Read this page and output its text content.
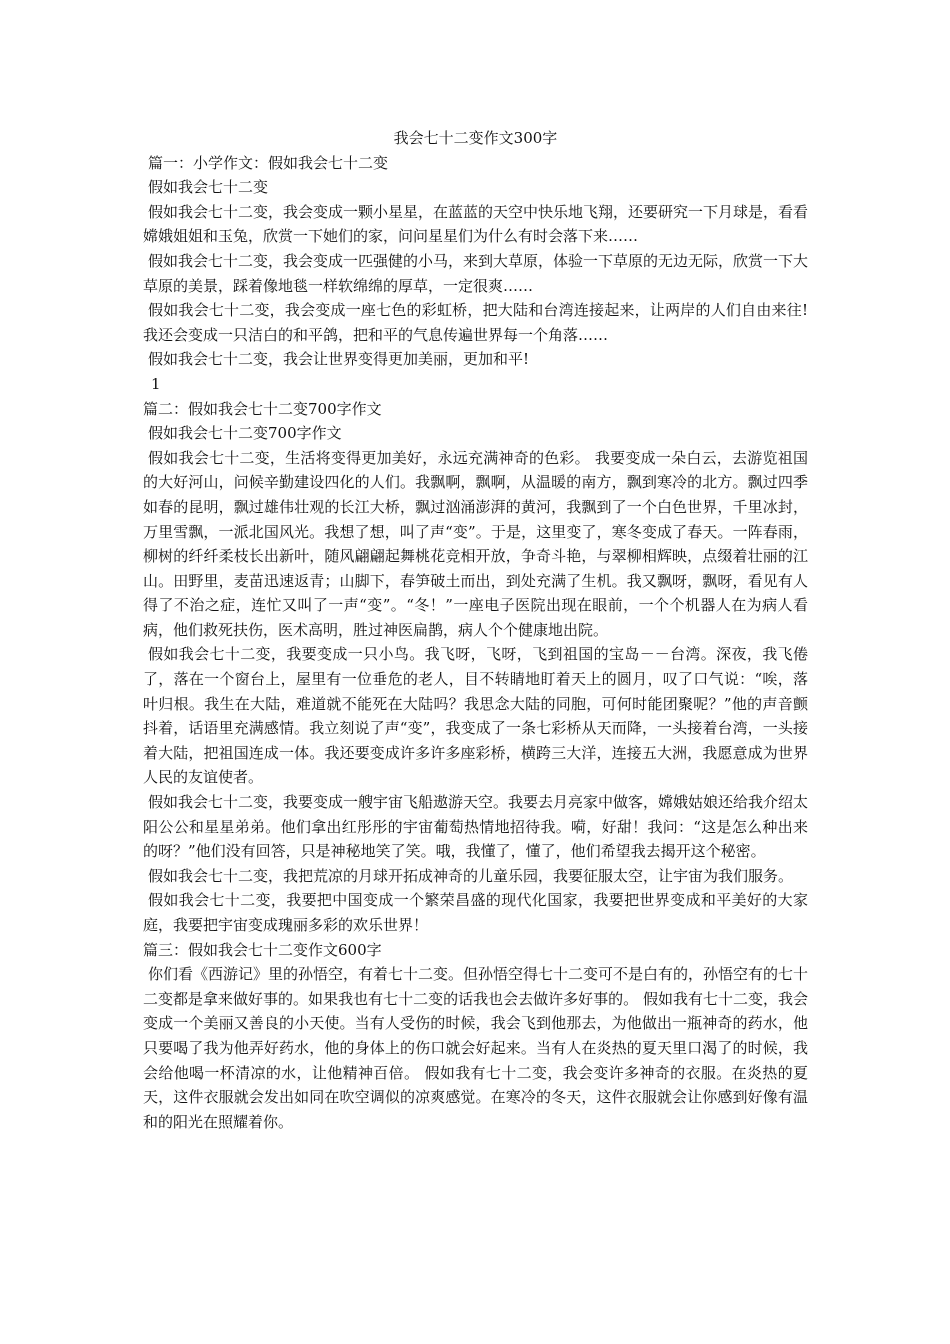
我会七十二变作文300字

篇一：小学作文：假如我会七十二变

假如我会七十二变

假如我会七十二变，我会变成一颗小星星，在蓝蓝的天空中快乐地飞翔，还要研究一下月球是，看看嫦娥姐姐和玉兔，欣赏一下她们的家，问问星星们为什么有时会落下来……

假如我会七十二变，我会变成一匹强健的小马，来到大草原，体验一下草原的无边无际，欣赏一下大草原的美景，踩着像地毯一样软绵绵的厚草，一定很爽……

假如我会七十二变，我会变成一座七色的彩虹桥，把大陆和台湾连接起来，让两岸的人们自由来往!我还会变成一只洁白的和平鸽，把和平的气息传遍世界每一个角落……

假如我会七十二变，我会让世界变得更加美丽，更加和平!

1

篇二：假如我会七十二变700字作文

假如我会七十二变700字作文

假如我会七十二变，生活将变得更加美好，永远充满神奇的色彩。 我要变成一朵白云，去游览祖国的大好河山，问候辛勤建设四化的人们。我飘啊，飘啊，从温暖的南方，飘到寒冷的北方。飘过四季如春的昆明，飘过雄伟壮观的长江大桥，飘过汹涌澎湃的黄河，我飘到了一个白色世界，千里冰封，万里雪飘，一派北国风光。我想了想，叫了声“变”。于是，这里变了，寒冬变成了春天。一阵春雨，柳树的纤纤柔枝长出新叶，随风翩翩起舞桃花竞相开放，争奇斗艳，与翠柳相辉映，点缀着壮丽的江山。田野里，麦苗迅速返青；山脚下，春笋破土而出，到处充满了生机。我又飘呀，飘呀，看见有人得了不治之症，连忙又叫了一声“变”。“冬！”一座电子医院出现在眼前，一个个机器人在为病人看病，他们救死扶伤，医术高明，胜过神医扁鹊，病人个个健康地出院。

假如我会七十二变，我要变成一只小鸟。我飞呀，飞呀，飞到祖国的宝岛－－台湾。深夜，我飞倦了，落在一个窗台上，屋里有一位垂危的老人，目不转睛地盯着天上的圆月，叹了口气说：“唉，落叶归根。我生在大陆，难道就不能死在大陆吗？我思念大陆的同胞，可何时能团聚呢？”他的声音颤抖着，话语里充满感情。我立刻说了声“变”，我变成了一条七彩桥从天而降，一头接着台湾，一头接着大陆，把祖国连成一体。我还要变成许多许多座彩桥，横跨三大洋，连接五大洲，我愿意成为世界人民的友谊使者。

假如我会七十二变，我要变成一艘宇宙飞船遨游天空。我要去月亮家中做客，嫦娥姑娘还给我介绍太阳公公和星星弟弟。他们拿出红彤彤的宇宙葡萄热情地招待我。嗬，好甜！我问：“这是怎么种出来的呀？”他们没有回答，只是神秘地笑了笑。哦，我懂了，懂了，他们希望我去揭开这个秘密。

假如我会七十二变，我把荒凉的月球开拓成神奇的儿童乐园，我要征服太空，让宇宙为我们服务。

假如我会七十二变，我要把中国变成一个繁荣昌盛的现代化国家，我要把世界变成和平美好的大家庭，我要把宇宙变成瑰丽多彩的欢乐世界！

篇三：假如我会七十二变作文600字

你们看《西游记》里的孙悟空，有着七十二变。但孙悟空得七十二变可不是白有的，孙悟空有的七十二变都是拿来做好事的。如果我也有七十二变的话我也会去做许多好事的。 假如我有七十二变，我会变成一个美丽又善良的小天使。当有人受伤的时候，我会飞到他那去，为他做出一瓶神奇的药水，他只要喝了我为他弄好药水，他的身体上的伤口就会好起来。当有人在炎热的夏天里口渴了的时候，我会给他喝一杯清凉的水，让他精神百倍。 假如我有七十二变，我会变许多神奇的衣服。在炎热的夏天，这件衣服就会发出如同在吹空调似的凉爽感觉。在寒冷的冬天，这件衣服就会让你感到好像有温和的阳光在照耀着你。
